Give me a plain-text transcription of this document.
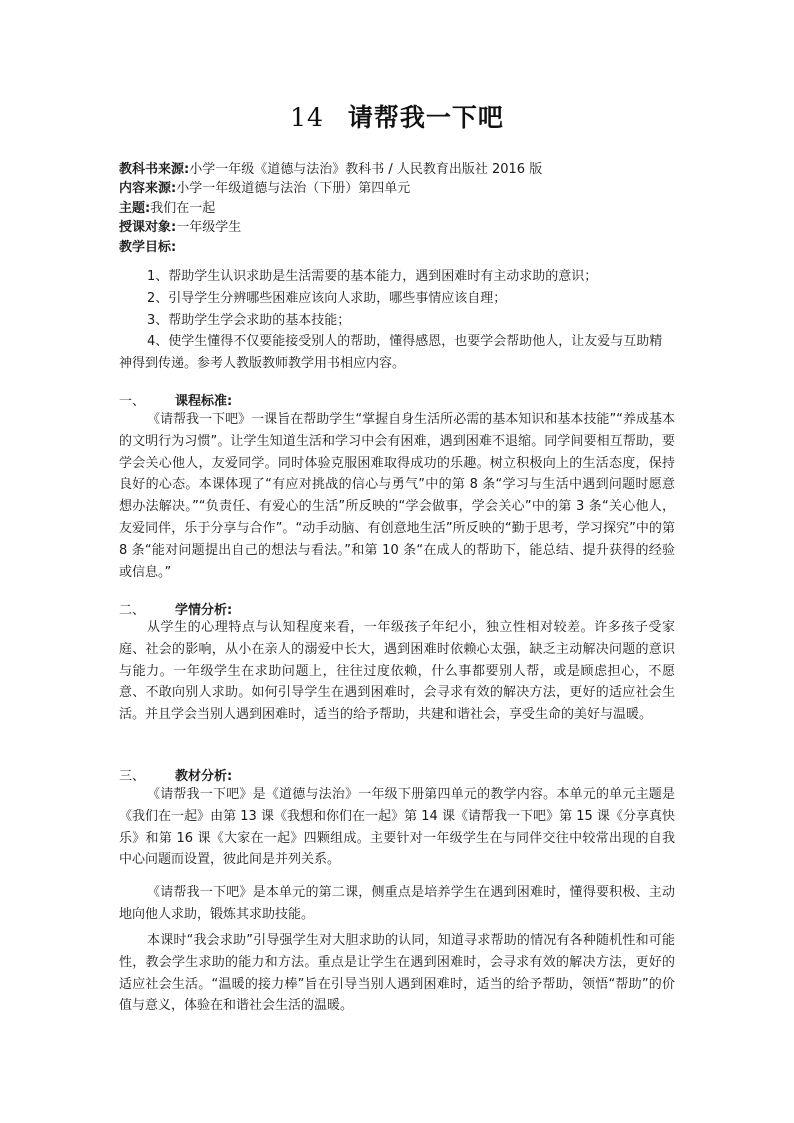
14 请帮我一下吧
教科书来源:小学一年级《道德与法治》教科书 / 人民教育出版社 2016 版
内容来源:小学一年级道德与法治（下册）第四单元
主题:我们在一起
授课对象:一年级学生
教学目标:
1、帮助学生认识求助是生活需要的基本能力，遇到困难时有主动求助的意识；
2、引导学生分辨哪些困难应该向人求助，哪些事情应该自理；
3、帮助学生学会求助的基本技能；
4、使学生懂得不仅要能接受别人的帮助，懂得感恩，也要学会帮助他人，让友爱与互助精神得到传递。参考人教版教师教学用书相应内容。
一、 课程标准:
《请帮我一下吧》一课旨在帮助学生“掌握自身生活所必需的基本知识和基本技能”“养成基本的文明行为习惯”。让学生知道生活和学习中会有困难，遇到困难不退缩。同学间要相互帮助，要学会关心他人，友爱同学。同时体验克服困难取得成功的乐趣。树立积极向上的生活态度，保持良好的心态。本课体现了“有应对挑战的信心与勇气”中的第 8 条“学习与生活中遇到问题时愿意想办法解决。”“负责任、有爱心的生活”所反映的“学会做事，学会关心”中的第 3 条“关心他人，友爱同伴，乐于分享与合作”。“动手动脑、有创意地生活”所反映的“勤于思考，学习探究”中的第 8 条“能对问题提出自己的想法与看法。”和第 10 条“在成人的帮助下，能总结、提升获得的经验或信息。”
二、 学情分析:
从学生的心理特点与认知程度来看，一年级孩子年纪小，独立性相对较差。许多孩子受家庭、社会的影响，从小在亲人的溺爱中长大，遇到困难时依赖心太强，缺乏主动解决问题的意识与能力。一年级学生在求助问题上，往往过度依赖，什么事都要别人帮，或是顾虑担心，不愿意、不敢向别人求助。如何引导学生在遇到困难时，会寻求有效的解决方法，更好的适应社会生活。并且学会当别人遇到困难时，适当的给予帮助，共建和谐社会，享受生命的美好与温暖。
三、 教材分析:
《请帮我一下吧》是《道德与法治》一年级下册第四单元的教学内容。本单元的单元主题是《我们在一起》由第 13 课《我想和你们在一起》第 14 课《请帮我一下吧》第 15 课《分享真快乐》和第 16 课《大家在一起》四颗组成。主要针对一年级学生在与同伴交往中较常出现的自我中心问题而设置，彼此间是并列关系。
《请帮我一下吧》是本单元的第二课，侧重点是培养学生在遇到困难时，懂得要积极、主动地向他人求助，锻炼其求助技能。
本课时“我会求助”引导强学生对大胆求助的认同，知道寻求帮助的情况有各种随机性和可能性，教会学生求助的能力和方法。重点是让学生在遇到困难时，会寻求有效的解决方法，更好的适应社会生活。“温暖的接力棒”旨在引导当别人遇到困难时，适当的给予帮助，领悟“帮助”的价值与意义，体验在和谐社会生活的温暖。
